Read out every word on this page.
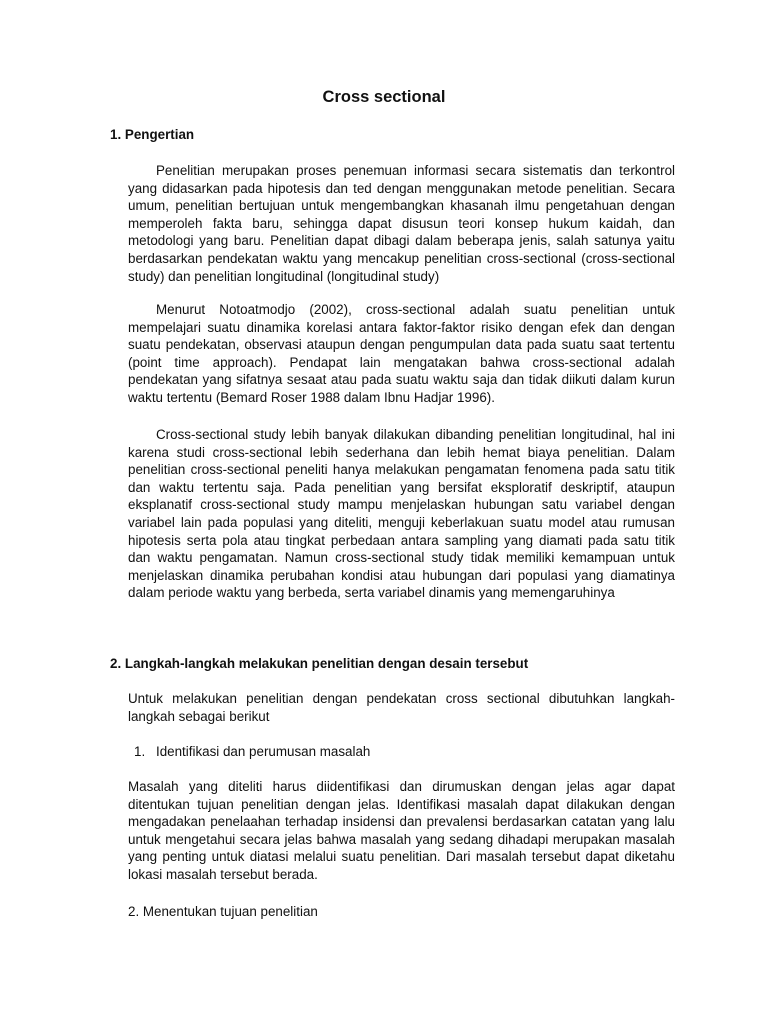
Cross sectional
1. Pengertian

Penelitian merupakan proses penemuan informasi secara sistematis dan terkontrol yang didasarkan pada hipotesis dan ted dengan menggunakan metode penelitian. Secara umum, penelitian bertujuan untuk mengembangkan khasanah ilmu pengetahuan dengan memperoleh fakta baru, sehingga dapat disusun teori konsep hukum kaidah, dan metodologi yang baru. Penelitian dapat dibagi dalam beberapa jenis, salah satunya yaitu berdasarkan pendekatan waktu yang mencakup penelitian cross-sectional (cross-sectional study) dan penelitian longitudinal (longitudinal study)

Menurut Notoatmodjo (2002), cross-sectional adalah suatu penelitian untuk mempelajari suatu dinamika korelasi antara faktor-faktor risiko dengan efek dan dengan suatu pendekatan, observasi ataupun dengan pengumpulan data pada suatu saat tertentu (point time approach). Pendapat lain mengatakan bahwa cross-sectional adalah pendekatan yang sifatnya sesaat atau pada suatu waktu saja dan tidak diikuti dalam kurun waktu tertentu (Bemard Roser 1988 dalam Ibnu Hadjar 1996).

Cross-sectional study lebih banyak dilakukan dibanding penelitian longitudinal, hal ini karena studi cross-sectional lebih sederhana dan lebih hemat biaya penelitian. Dalam penelitian cross-sectional peneliti hanya melakukan pengamatan fenomena pada satu titik dan waktu tertentu saja. Pada penelitian yang bersifat eksploratif deskriptif, ataupun eksplanatif cross-sectional study mampu menjelaskan hubungan satu variabel dengan variabel lain pada populasi yang diteliti, menguji keberlakuan suatu model atau rumusan hipotesis serta pola atau tingkat perbedaan antara sampling yang diamati pada satu titik dan waktu pengamatan. Namun cross-sectional study tidak memiliki kemampuan untuk menjelaskan dinamika perubahan kondisi atau hubungan dari populasi yang diamatinya dalam periode waktu yang berbeda, serta variabel dinamis yang memengaruhinya

2. Langkah-langkah melakukan penelitian dengan desain tersebut

Untuk melakukan penelitian dengan pendekatan cross sectional dibutuhkan langkah-langkah sebagai berikut

1. Identifikasi dan perumusan masalah

Masalah yang diteliti harus diidentifikasi dan dirumuskan dengan jelas agar dapat ditentukan tujuan penelitian dengan jelas. Identifikasi masalah dapat dilakukan dengan mengadakan penelaahan terhadap insidensi dan prevalensi berdasarkan catatan yang lalu untuk mengetahui secara jelas bahwa masalah yang sedang dihadapi merupakan masalah yang penting untuk diatasi melalui suatu penelitian. Dari masalah tersebut dapat diketahu lokasi masalah tersebut berada.

2. Menentukan tujuan penelitian
